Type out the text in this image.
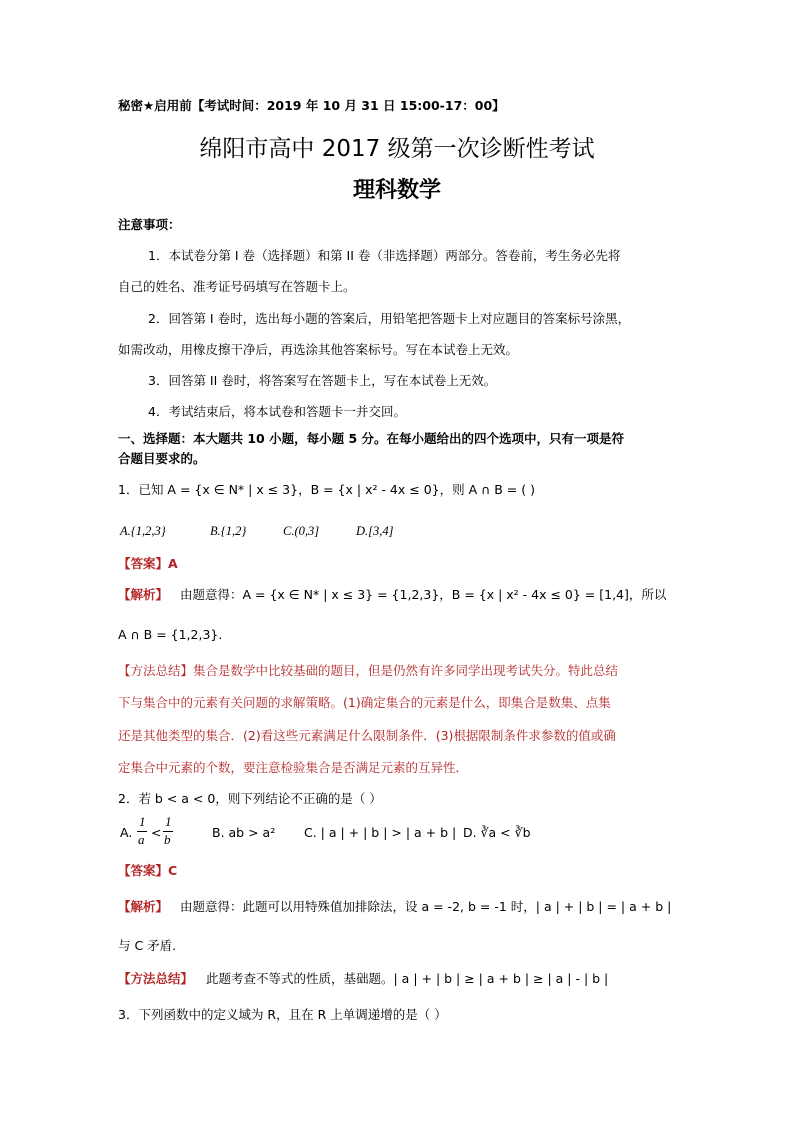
秘密★启用前【考试时间：2019 年 10 月 31 日 15:00-17：00】
绵阳市高中 2017 级第一次诊断性考试
理科数学
注意事项：
1．本试卷分第 I 卷（选择题）和第 II 卷（非选择题）两部分。答卷前，考生务必先将
自己的姓名、准考证号码填写在答题卡上。
2．回答第 I 卷时，选出每小题的答案后，用铅笔把答题卡上对应题目的答案标号涂黑，
如需改动，用橡皮擦干净后，再选涂其他答案标号。写在本试卷上无效。
3．回答第 II 卷时，将答案写在答题卡上，写在本试卷上无效。
4．考试结束后，将本试卷和答题卡一并交回。
一、选择题：本大题共 10 小题，每小题 5 分。在每小题给出的四个选项中，只有一项是符
合题目要求的。
1．已知 A = {x ∈ N* | x ≤ 3}，B = {x | x² - 4x ≤ 0}，则 A ∩ B = ( )
A.{1,2,3}	B.{1,2}	C.(0,3]	D.[3,4]
【答案】A
【解析】 由题意得：A = {x ∈ N* | x ≤ 3} = {1,2,3}，B = {x | x² - 4x ≤ 0} = [1,4]，所以
A ∩ B = {1,2,3}.
【方法总结】集合是数学中比较基础的题目，但是仍然有许多同学出现考试失分。特此总结
下与集合中的元素有关问题的求解策略。(1)确定集合的元素是什么，即集合是数集、点集
还是其他类型的集合．(2)看这些元素满足什么限制条件．(3)根据限制条件求参数的值或确
定集合中元素的个数，要注意检验集合是否满足元素的互异性．
2．若 b < a < 0，则下列结论不正确的是（ ）
A.
1
a <
1
b	B. ab > a² C. | a | + | b | > | a + b | D. ∛a < ∛b
【答案】C
【解析】 由题意得：此题可以用特殊值加排除法，设 a = -2, b = -1 时，| a | + | b | = | a + b |
与 C 矛盾.
【方法总结】 此题考查不等式的性质，基础题。| a | + | b | ≥ | a + b | ≥ | a | - | b |
3．下列函数中的定义域为 R，且在 R 上单调递增的是（ ）
